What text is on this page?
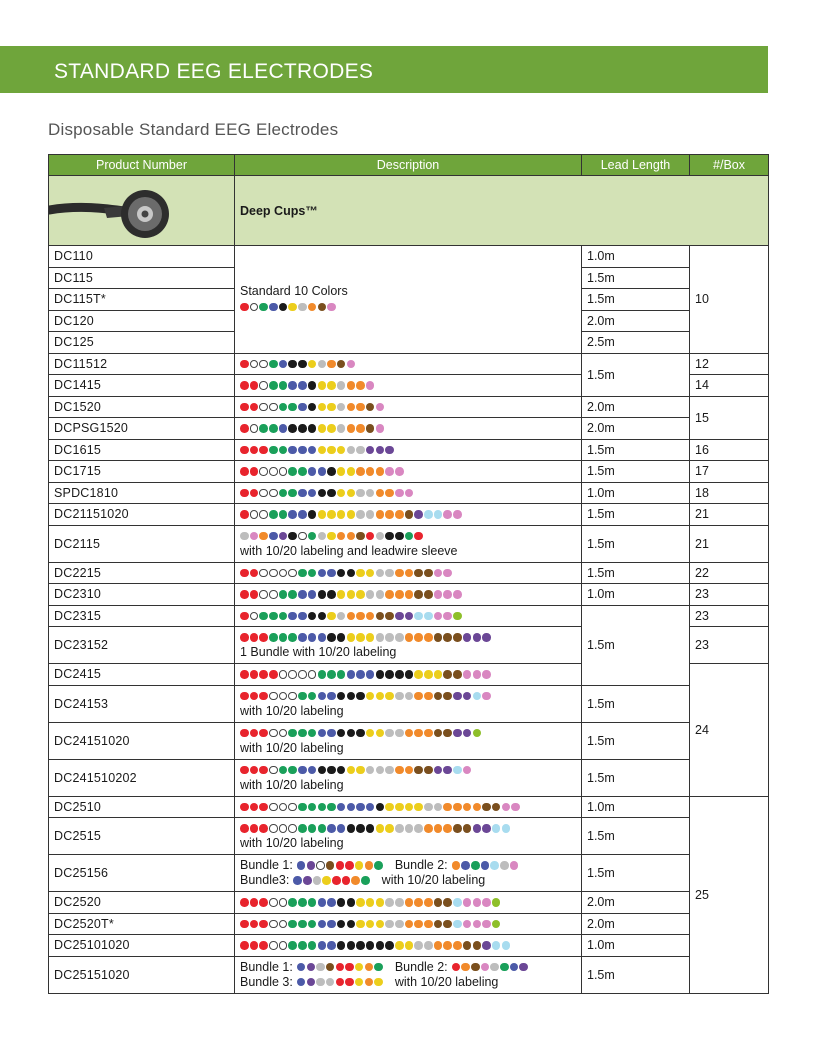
STANDARD EEG ELECTRODES
Disposable Standard EEG Electrodes
Product Number	Description	Lead Length	#/Box

	Deep Cups™		
DC110	Standard 10 Colors	1.0m	10
DC115		1.5m	
DC115T*		1.5m	
DC120		2.0m	
DC125		2.5m	
DC11512		1.5m	12
DC1415			14
DC1520		2.0m	15
DCPSG1520		2.0m	
DC1615		1.5m	16
DC1715		1.5m	17
SPDC1810		1.0m	18
DC21151020		1.5m	21
DC2115	with 10/20 labeling and leadwire sleeve	1.5m	21
DC2215		1.5m	22
DC2310		1.0m	23
DC2315		1.5m	23
DC23152	1 Bundle with 10/20 labeling		23
DC2415			24
DC24153	with 10/20 labeling	1.5m	
DC24151020	with 10/20 labeling	1.5m	
DC241510202	with 10/20 labeling	1.5m	
DC2510		1.0m	25
DC2515	with 10/20 labeling	1.5m	
DC25156	Bundle 1: Bundle 2:
Bundle3: with 10/20 labeling	1.5m	
DC2520		2.0m	
DC2520T*		2.0m	
DC25101020		1.0m	
DC25151020	Bundle 1: Bundle 2:
Bundle 3: with 10/20 labeling	1.5m	
